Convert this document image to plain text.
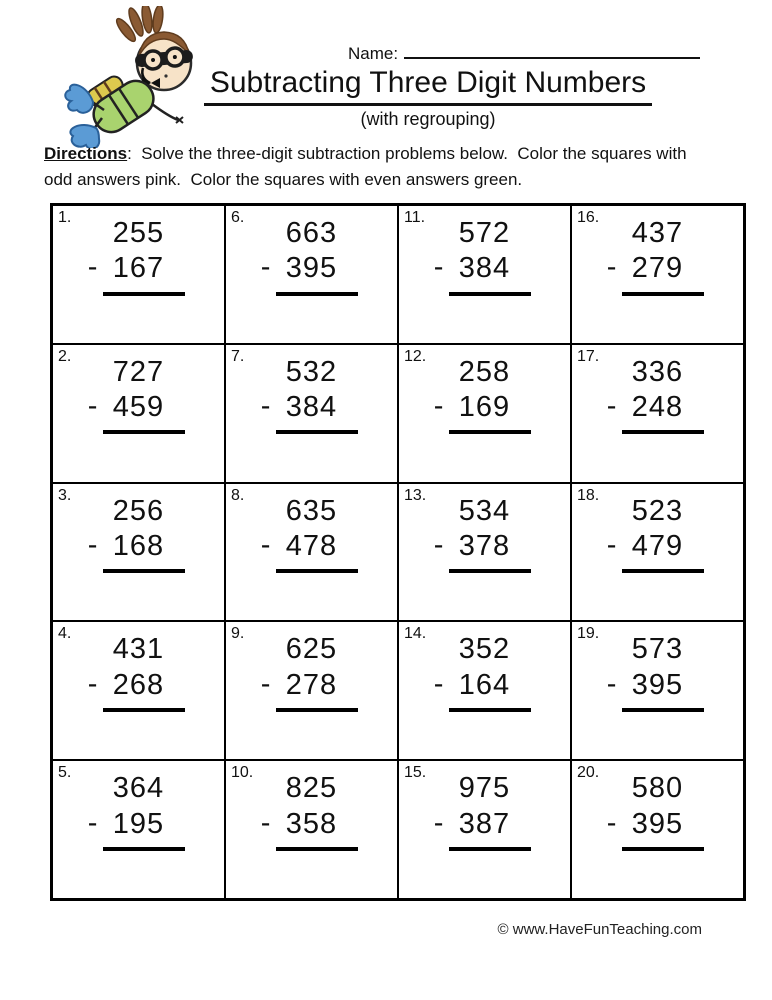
Name:
Subtracting Three Digit Numbers
(with regrouping)
Directions:  Solve the three-digit subtraction problems below.  Color the squares with
odd answers pink.  Color the squares with even answers green.
1. 255
- 167
6. 663
- 395
11. 572
- 384
16. 437
- 279
2. 727
- 459
7. 532
- 384
12. 258
- 169
17. 336
- 248
3. 256
- 168
8. 635
- 478
13. 534
- 378
18. 523
- 479
4. 431
- 268
9. 625
- 278
14. 352
- 164
19. 573
- 395
5. 364
- 195
10. 825
- 358
15. 975
- 387
20. 580
- 395
© www.HaveFunTeaching.com
